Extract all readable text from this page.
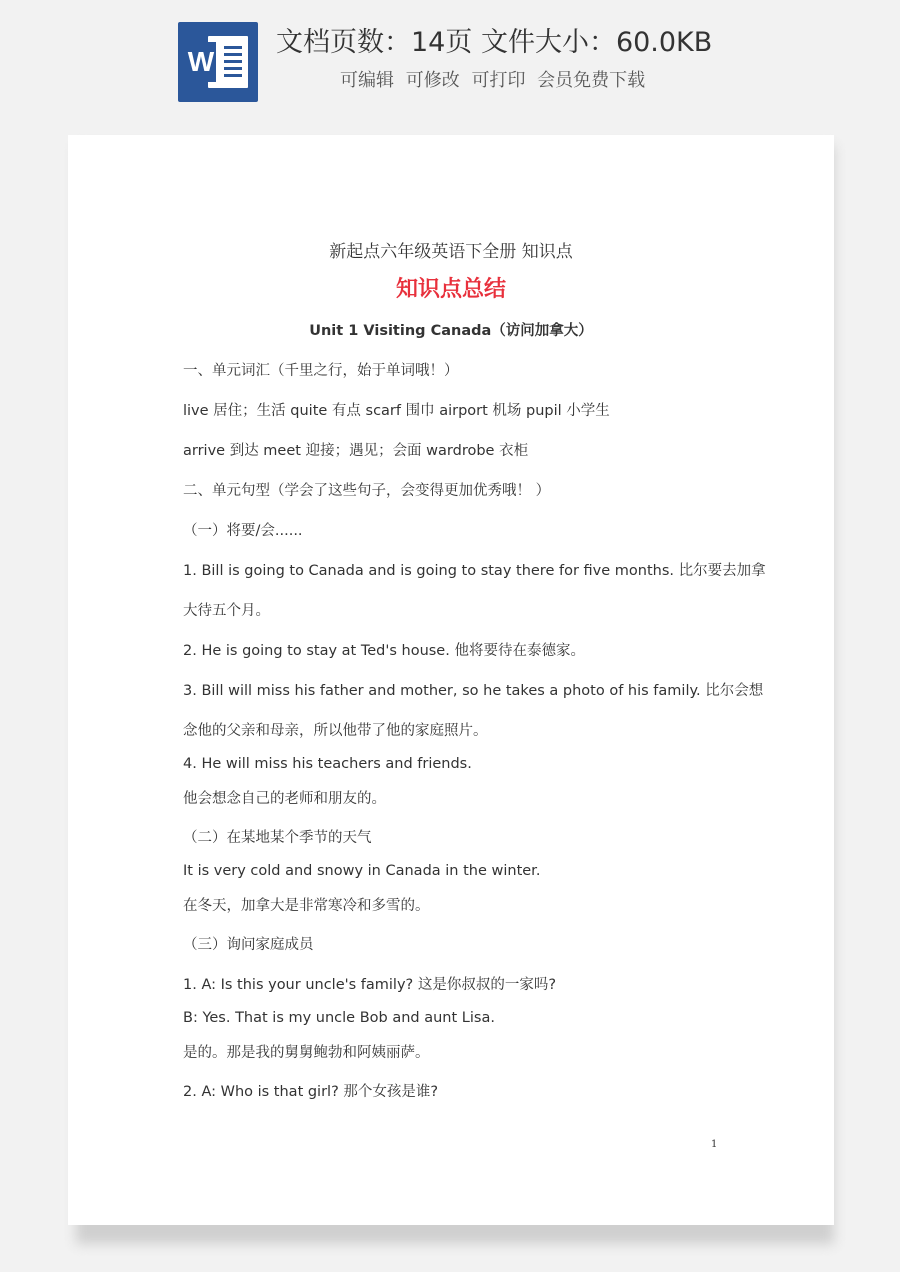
W
文档页数：14页 文件大小：60.0KB
可编辑 可修改 可打印 会员免费下载
新起点六年级英语下全册 知识点
知识点总结
Unit 1 Visiting Canada（访问加拿大）
一、单元词汇（千里之行，始于单词哦！）
live 居住；生活 quite 有点 scarf 围巾 airport 机场 pupil 小学生
arrive 到达 meet 迎接；遇见；会面 wardrobe 衣柜
二、单元句型（学会了这些句子，会变得更加优秀哦！ ）
（一）将要/会......
1. Bill is going to Canada and is going to stay there for five months. 比尔要去加拿
大待五个月。
2. He is going to stay at Ted's house. 他将要待在泰德家。
3. Bill will miss his father and mother, so he takes a photo of his family. 比尔会想
念他的父亲和母亲，所以他带了他的家庭照片。
4. He will miss his teachers and friends.
他会想念自己的老师和朋友的。
（二）在某地某个季节的天气
It is very cold and snowy in Canada in the winter.
在冬天，加拿大是非常寒冷和多雪的。
（三）询问家庭成员
1. A: Is this your uncle's family? 这是你叔叔的一家吗?
B: Yes. That is my uncle Bob and aunt Lisa.
是的。那是我的舅舅鲍勃和阿姨丽萨。
2. A: Who is that girl? 那个女孩是谁?
1
